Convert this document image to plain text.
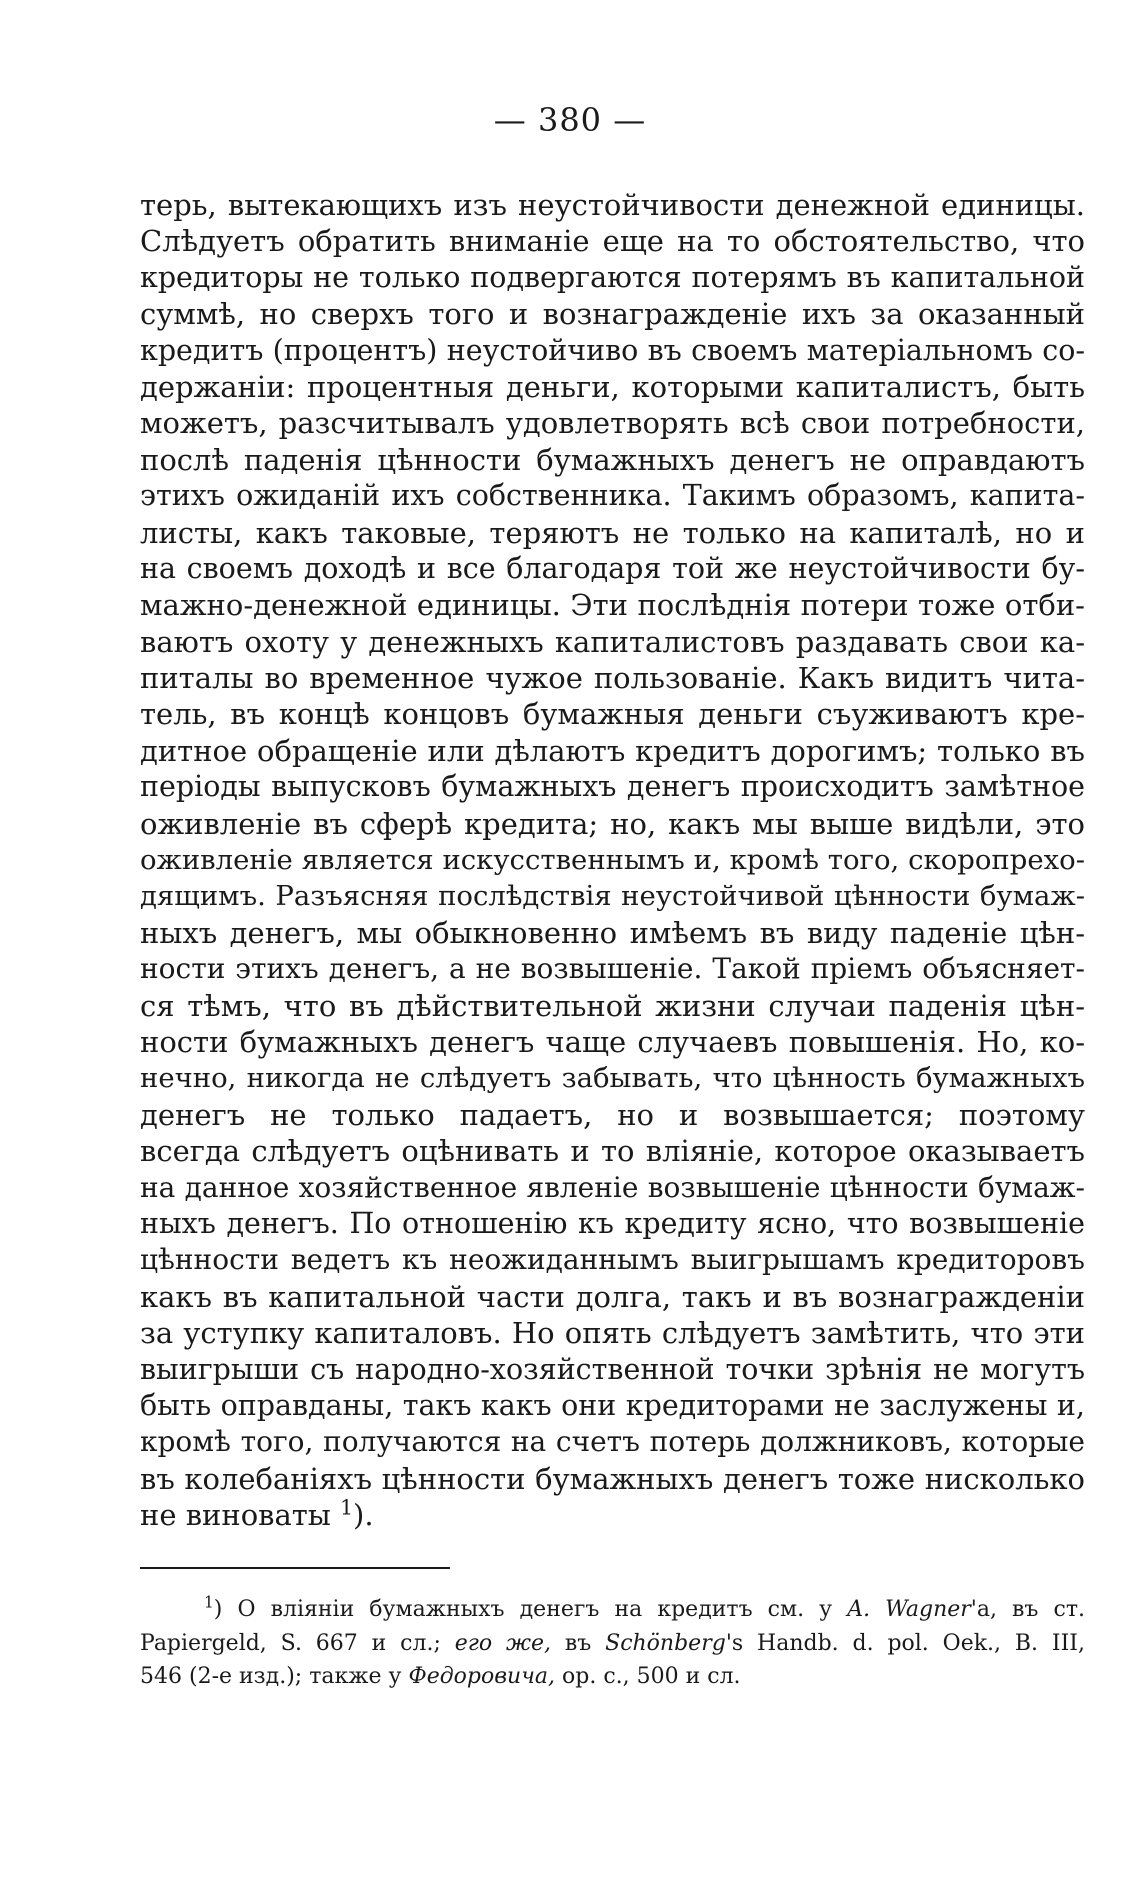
— 380 —
терь, вытекающихъ изъ неустойчивости денежной единицы.
Слѣдуетъ обратить вниманіе еще на то обстоятельство, что
кредиторы не только подвергаются потерямъ въ капитальной
суммѣ, но сверхъ того и вознагражденіе ихъ за оказанный
кредитъ (процентъ) неустойчиво въ своемъ матеріальномъ со-
держаніи: процентныя деньги, которыми капиталистъ, быть
можетъ, разсчитывалъ удовлетворять всѣ свои потребности,
послѣ паденія цѣнности бумажныхъ денегъ не оправдаютъ
этихъ ожиданій ихъ собственника. Такимъ образомъ, капита-
листы, какъ таковые, теряютъ не только на капиталѣ, но и
на своемъ доходѣ и все благодаря той же неустойчивости бу-
мажно-денежной единицы. Эти послѣднія потери тоже отби-
ваютъ охоту у денежныхъ капиталистовъ раздавать свои ка-
питалы во временное чужое пользованіе. Какъ видитъ чита-
тель, въ концѣ концовъ бумажныя деньги съуживаютъ кре-
дитное обращеніе или дѣлаютъ кредитъ дорогимъ; только въ
періоды выпусковъ бумажныхъ денегъ происходитъ замѣтное
оживленіе въ сферѣ кредита; но, какъ мы выше видѣли, это
оживленіе является искусственнымъ и, кромѣ того, скоропрехо-
дящимъ. Разъясняя послѣдствія неустойчивой цѣнности бумаж-
ныхъ денегъ, мы обыкновенно имѣемъ въ виду паденіе цѣн-
ности этихъ денегъ, а не возвышеніе. Такой пріемъ объясняет-
ся тѣмъ, что въ дѣйствительной жизни случаи паденія цѣн-
ности бумажныхъ денегъ чаще случаевъ повышенія. Но, ко-
нечно, никогда не слѣдуетъ забывать, что цѣнность бумажныхъ
денегъ не только падаетъ, но и возвышается; поэтому
всегда слѣдуетъ оцѣнивать и то вліяніе, которое оказываетъ
на данное хозяйственное явленіе возвышеніе цѣнности бумаж-
ныхъ денегъ. По отношенію къ кредиту ясно, что возвышеніе
цѣнности ведетъ къ неожиданнымъ выигрышамъ кредиторовъ
какъ въ капитальной части долга, такъ и въ вознагражденіи
за уступку капиталовъ. Но опять слѣдуетъ замѣтить, что эти
выигрыши съ народно-хозяйственной точки зрѣнія не могутъ
быть оправданы, такъ какъ они кредиторами не заслужены и,
кромѣ того, получаются на счетъ потерь должниковъ, которые
въ колебаніяхъ цѣнности бумажныхъ денегъ тоже нисколько
не виноваты $^1$).
$^1$) О вліяніи бумажныхъ денегъ на кредитъ см. у A. Wagner'а, въ ст.
Papiergeld, S. 667 и сл.; его же, въ Schönberg's Handb. d. pol. Oek., B. III,
546 (2-е изд.); также у Федоровича, op. c., 500 и сл.
